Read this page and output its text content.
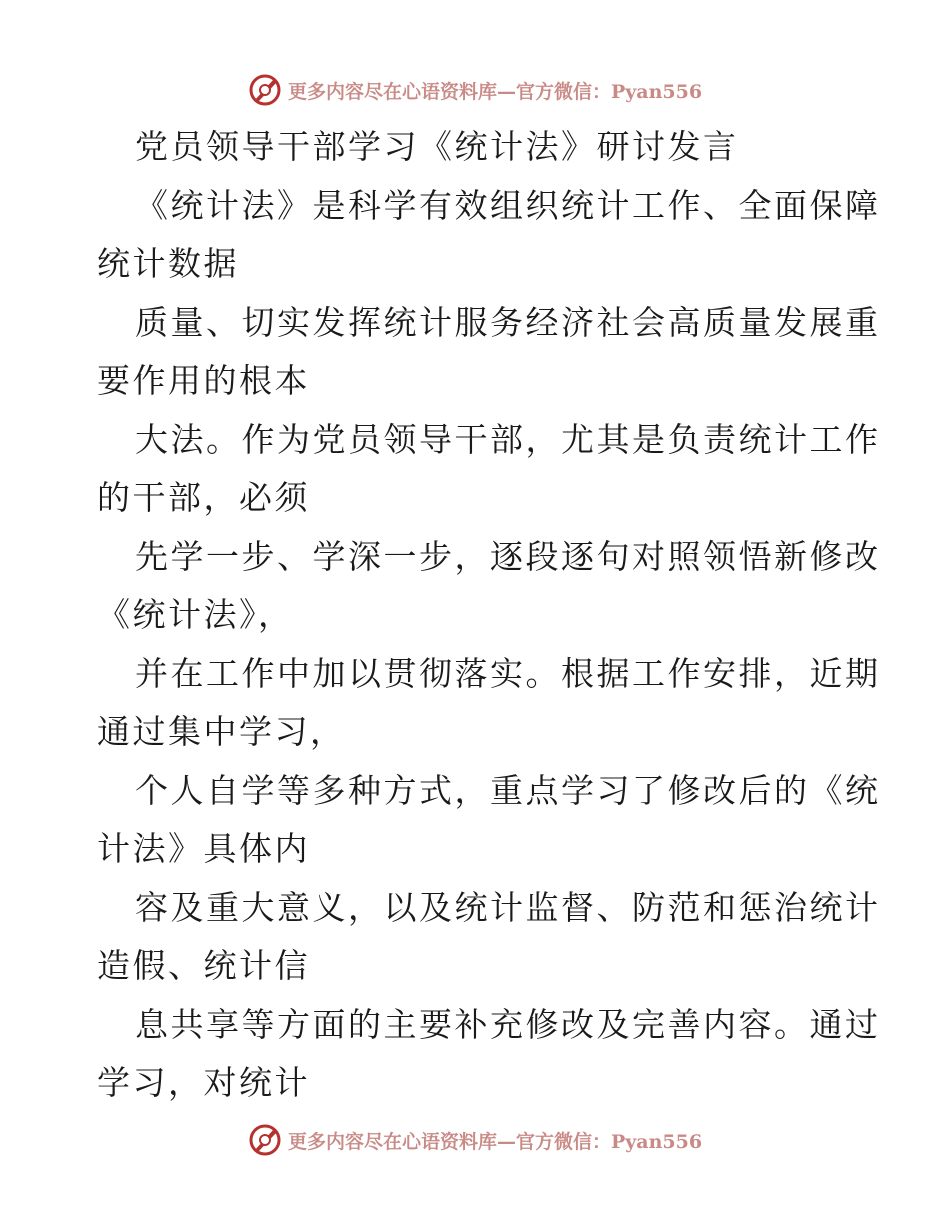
更多内容尽在心语资料库—官方微信：Pyan556

党员领导干部学习《统计法》研讨发言

《统计法》是科学有效组织统计工作、全面保障

统计数据

质量、切实发挥统计服务经济社会高质量发展重

要作用的根本

大法。作为党员领导干部，尤其是负责统计工作

的干部，必须

先学一步、学深一步，逐段逐句对照领悟新修改

《统计法》，

并在工作中加以贯彻落实。根据工作安排，近期

通过集中学习，

个人自学等多种方式，重点学习了修改后的《统

计法》具体内

容及重大意义，以及统计监督、防范和惩治统计

造假、统计信

息共享等方面的主要补充修改及完善内容。通过

学习，对统计

更多内容尽在心语资料库—官方微信：Pyan556
